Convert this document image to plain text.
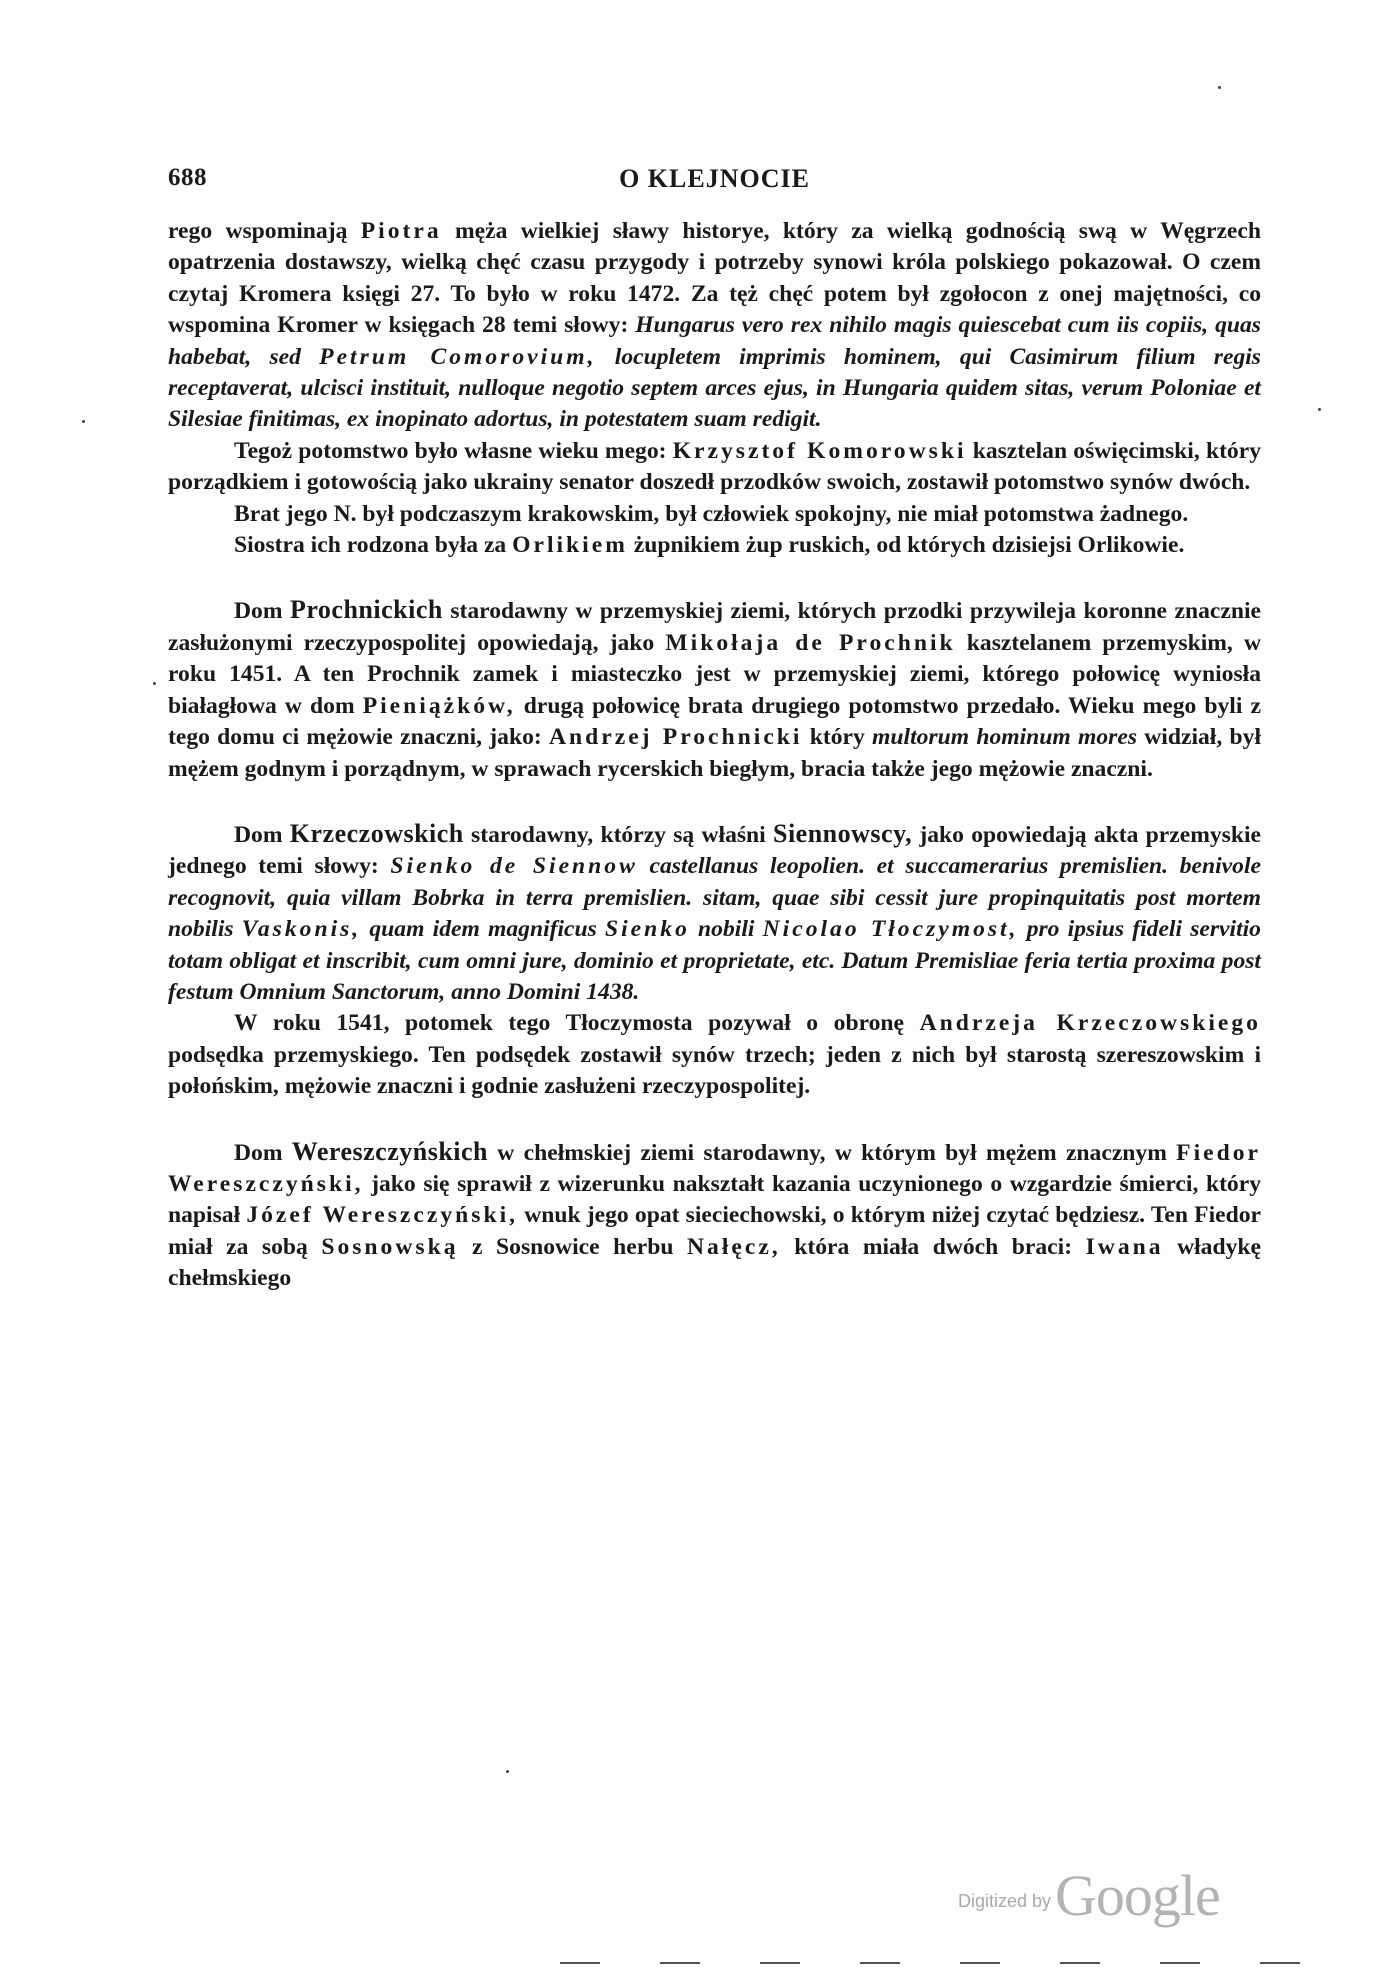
688	O KLEJNOCIE

rego wspominają Piotra męża wielkiej sławy historye, który za wielką godnością swą w Węgrzech opatrzenia dostawszy, wielką chęć czasu przygody i potrzeby synowi króla polskiego pokazował. O czem czytaj Kromera księgi 27. To było w roku 1472. Za tęż chęć potem był zgołocon z onej majętności, co wspomina Kromer w księgach 28 temi słowy: Hungarus vero rex nihilo magis quiescebat cum iis copiis, quas habebat, sed Petrum Comorovium, locupletem imprimis hominem, qui Casimirum filium regis receptaverat, ulcisci instituit, nulloque negotio septem arces ejus, in Hungaria quidem sitas, verum Poloniae et Silesiae finitimas, ex inopinato adortus, in potestatem suam redigit.

Tegoż potomstwo było własne wieku mego: Krzysztof Komorowski kasztelan oświęcimski, który porządkiem i gotowością jako ukrainy senator doszedł przodków swoich, zostawił potomstwo synów dwóch.

Brat jego N. był podczaszym krakowskim, był człowiek spokojny, nie miał potomstwa żadnego.

Siostra ich rodzona była za Orlikiem żupnikiem żup ruskich, od których dzisiejsi Orlikowie.

Dom Prochnickich starodawny w przemyskiej ziemi, których przodki przywileja koronne znacznie zasłużonymi rzeczypospolitej opowiedają, jako Mikołaja de Prochnik kasztelanem przemyskim, w roku 1451. A ten Prochnik zamek i miasteczko jest w przemyskiej ziemi, którego połowicę wyniosła białagłowa w dom Pieniążków, drugą połowicę brata drugiego potomstwo przedało. Wieku mego byli z tego domu ci mężowie znaczni, jako: Andrzej Prochnicki który multorum hominum mores widział, był mężem godnym i porządnym, w sprawach rycerskich biegłym, bracia także jego mężowie znaczni.

Dom Krzeczowskich starodawny, którzy są właśni Siennowscy, jako opowiedają akta przemyskie jednego temi słowy: Sienko de Siennow castellanus leopolien. et succamerarius premislien. benivole recognovit, quia villam Bobrka in terra premislien. sitam, quae sibi cessit jure propinquitatis post mortem nobilis Vaskonis, quam idem magnificus Sienko nobili Nicolao Tłoczymost, pro ipsius fideli servitio totam obligat et inscribit, cum omni jure, dominio et proprietate, etc. Datum Premisliae feria tertia proxima post festum Omnium Sanctorum, anno Domini 1438.

W roku 1541, potomek tego Tłoczymosta pozywał o obronę Andrzeja Krzeczowskiego podsędka przemyskiego. Ten podsędek zostawił synów trzech; jeden z nich był starostą szereszowskim i połońskim, mężowie znaczni i godnie zasłużeni rzeczypospolitej.

Dom Wereszczyńskich w chełmskiej ziemi starodawny, w którym był mężem znacznym Fiedor Wereszczyński, jako się sprawił z wizerunku nakształt kazania uczynionego o wzgardzie śmierci, który napisał Józef Wereszczyński, wnuk jego opat sieciechowski, o którym niżej czytać będziesz. Ten Fiedor miał za sobą Sosnowską z Sosnowice herbu Nałęcz, która miała dwóch braci: Iwana władykę chełmskiego

Digitized byGoogle
